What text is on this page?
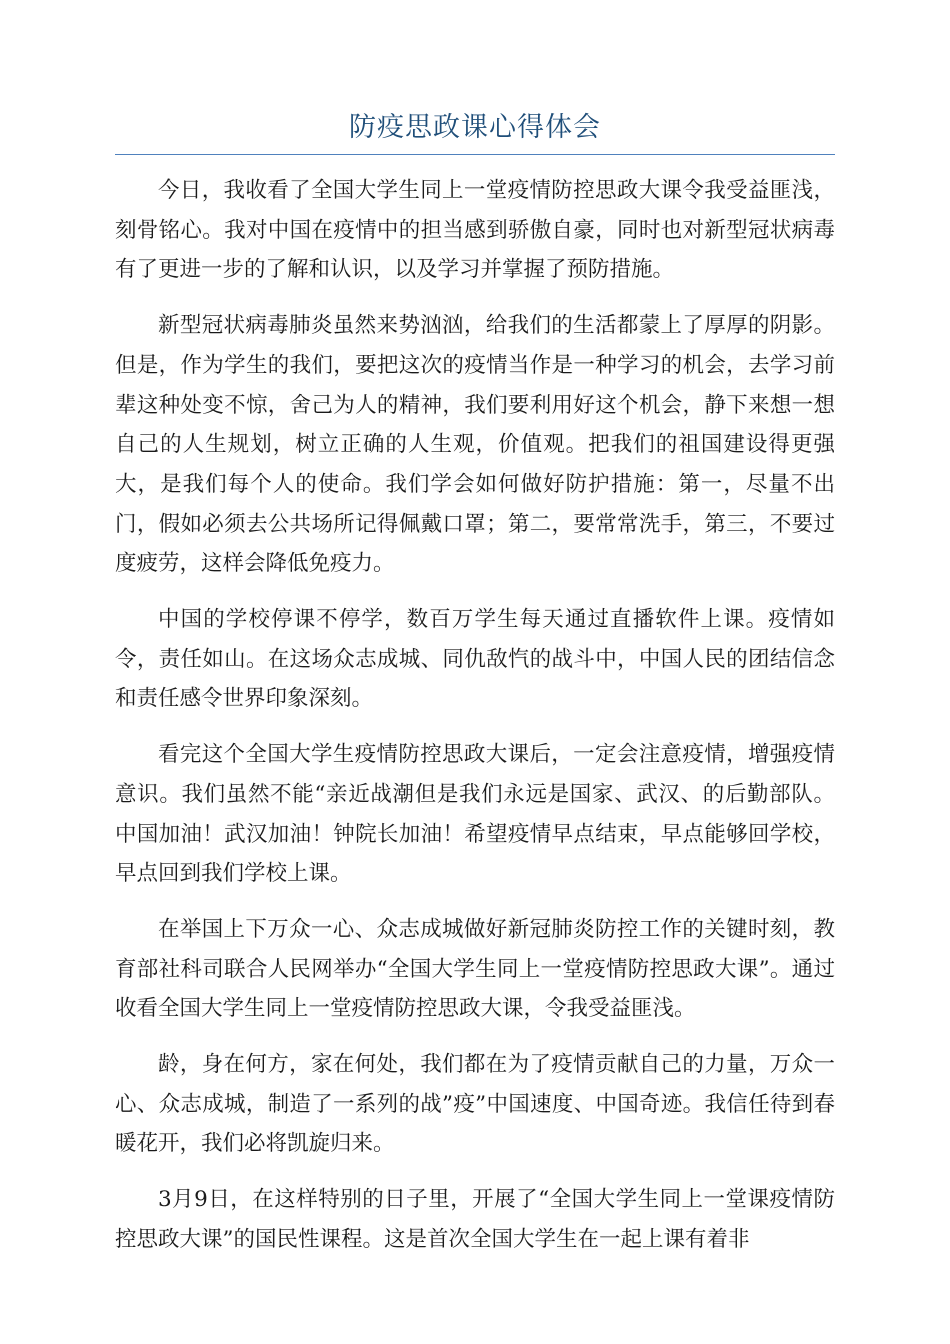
防疫思政课心得体会

今日，我收看了全国大学生同上一堂疫情防控思政大课令我受益匪浅，刻骨铭心。我对中国在疫情中的担当感到骄傲自豪，同时也对新型冠状病毒有了更进一步的了解和认识，以及学习并掌握了预防措施。

新型冠状病毒肺炎虽然来势汹汹，给我们的生活都蒙上了厚厚的阴影。但是，作为学生的我们，要把这次的疫情当作是一种学习的机会，去学习前辈这种处变不惊，舍己为人的精神，我们要利用好这个机会，静下来想一想自己的人生规划，树立正确的人生观，价值观。把我们的祖国建设得更强大，是我们每个人的使命。我们学会如何做好防护措施：第一，尽量不出门，假如必须去公共场所记得佩戴口罩；第二，要常常洗手，第三，不要过度疲劳，这样会降低免疫力。

中国的学校停课不停学，数百万学生每天通过直播软件上课。疫情如令，责任如山。在这场众志成城、同仇敌忾的战斗中，中国人民的团结信念和责任感令世界印象深刻。

看完这个全国大学生疫情防控思政大课后，一定会注意疫情，增强疫情意识。我们虽然不能“亲近战潮但是我们永远是国家、武汉、的后勤部队。中国加油！武汉加油！钟院长加油！希望疫情早点结束，早点能够回学校，早点回到我们学校上课。

在举国上下万众一心、众志成城做好新冠肺炎防控工作的关键时刻，教育部社科司联合人民网举办“全国大学生同上一堂疫情防控思政大课”。通过收看全国大学生同上一堂疫情防控思政大课，令我受益匪浅。

龄，身在何方，家在何处，我们都在为了疫情贡献自己的力量，万众一心、众志成城，制造了一系列的战”疫”中国速度、中国奇迹。我信任待到春暖花开，我们必将凯旋归来。

3月9日，在这样特别的日子里，开展了“全国大学生同上一堂课疫情防控思政大课”的国民性课程。这是首次全国大学生在一起上课有着非
